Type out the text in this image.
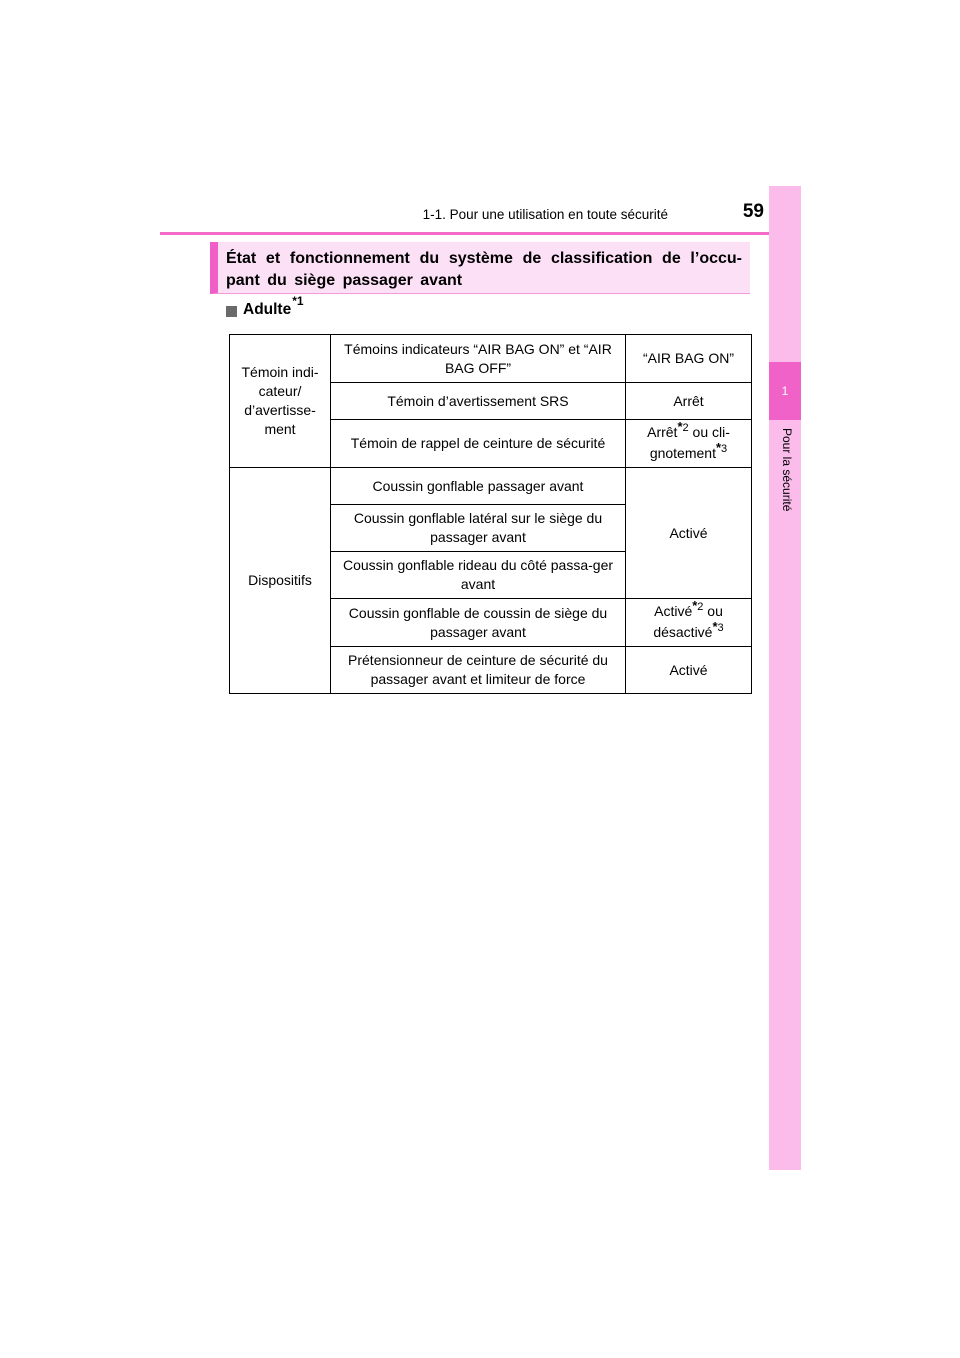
1-1. Pour une utilisation en toute sécurité	59
1
Pour la sécurité
État et fonctionnement du système de classification de l’occu-pant du siège passager avant
Adulte *1
Témoin indi-cateur/ d’avertisse-ment	Témoins indicateurs “AIR BAG ON” et “AIR BAG OFF”	“AIR BAG ON”
	Témoin d’avertissement SRS	Arrêt
	Témoin de rappel de ceinture de sécurité	Arrêt*$^2$ ou cli-gnotement*$^3$
Dispositifs	Coussin gonflable passager avant	Activé
	Coussin gonflable latéral sur le siège du passager avant	
	Coussin gonflable rideau du côté passa-ger avant	
	Coussin gonflable de coussin de siège du passager avant	Activé*$^2$ ou désactivé*$^3$
	Prétensionneur de ceinture de sécurité du passager avant et limiteur de force	Activé
